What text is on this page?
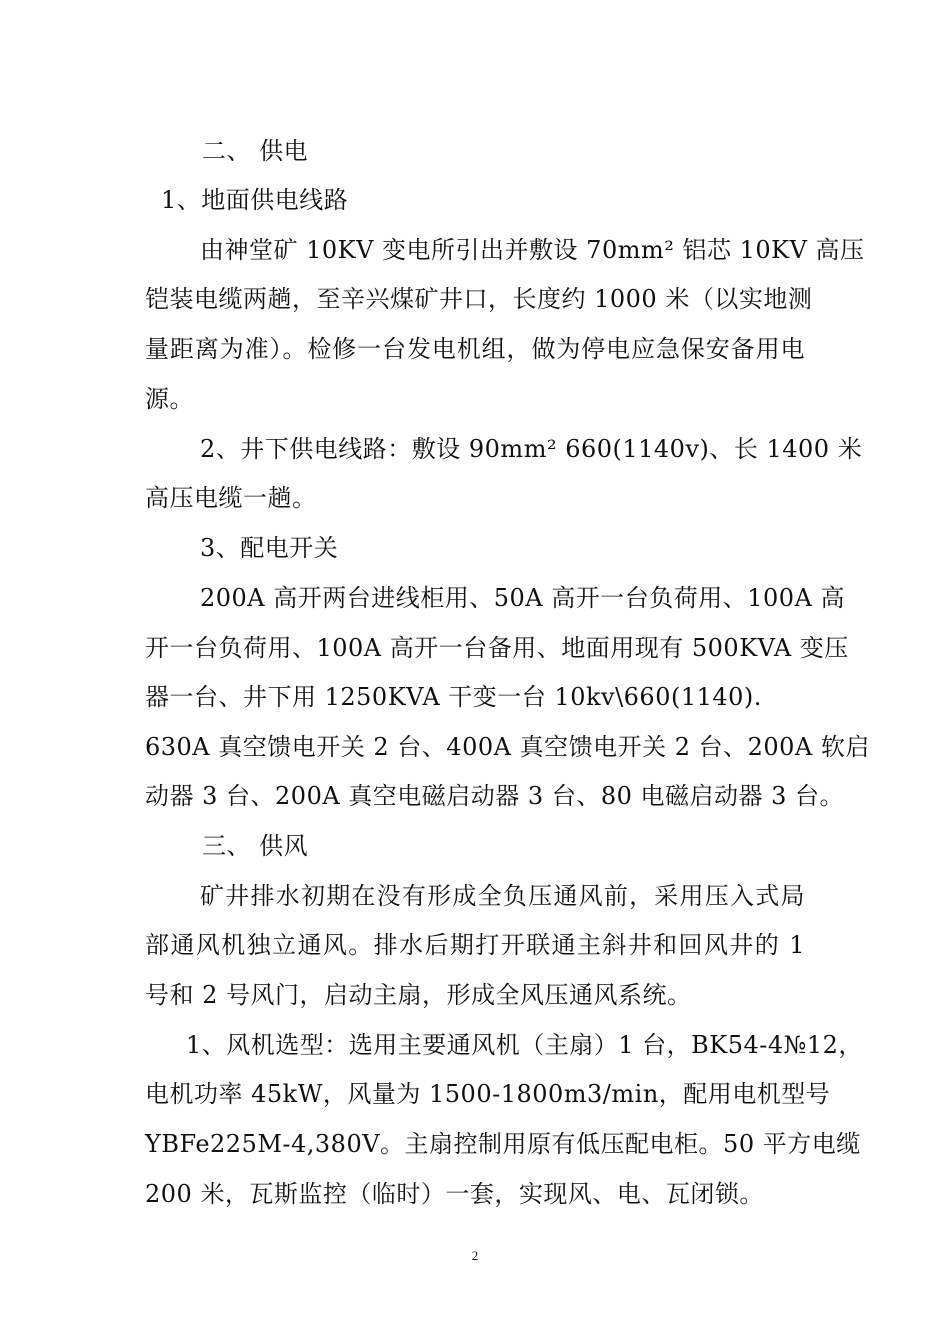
二、 供电
1、地面供电线路
由神堂矿 10KV 变电所引出并敷设 70mm² 铝芯 10KV 高压
铠装电缆两趟，至辛兴煤矿井口，长度约 1000 米（以实地测
量距离为准）。检修一台发电机组，做为停电应急保安备用电
源。
2、井下供电线路：敷设 90mm² 660(1140v)、长 1400 米
高压电缆一趟。
3、配电开关
200A 高开两台进线柜用、50A 高开一台负荷用、100A 高
开一台负荷用、100A 高开一台备用、地面用现有 500KVA 变压
器一台、井下用 1250KVA 干变一台 10kv\660(1140).
630A 真空馈电开关 2 台、400A 真空馈电开关 2 台、200A 软启
动器 3 台、200A 真空电磁启动器 3 台、80 电磁启动器 3 台。
三、 供风
矿井排水初期在没有形成全负压通风前，采用压入式局
部通风机独立通风。排水后期打开联通主斜井和回风井的 1
号和 2 号风门，启动主扇，形成全风压通风系统。
1、风机选型：选用主要通风机（主扇）1 台，BK54-4№12，
电机功率 45kW，风量为 1500-1800m3/min，配用电机型号
YBFe225M-4,380V。主扇控制用原有低压配电柜。50 平方电缆
200 米，瓦斯监控（临时）一套，实现风、电、瓦闭锁。
2
